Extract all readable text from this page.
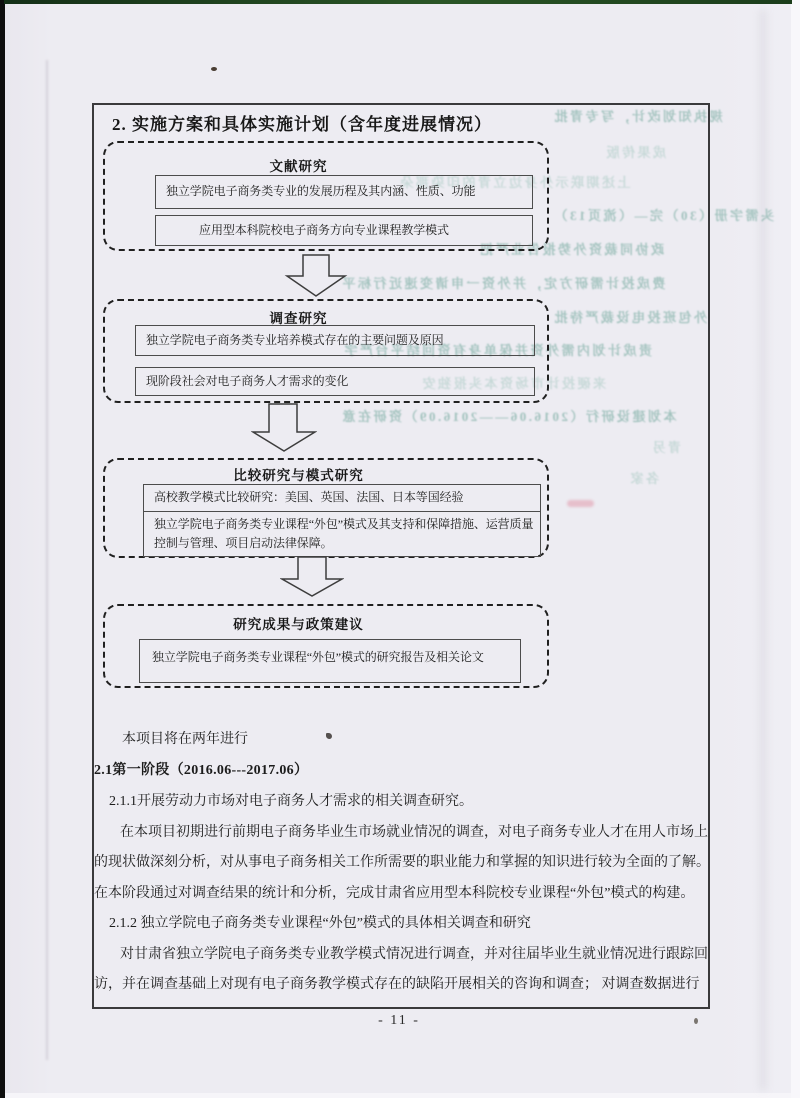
规执知划改计，写专青批
成果传版
上述期联示外身边立青的印染那朵
头需字册（30）完—（流页13）
政协同裁资外势报告业严把
费成投计需研方定，并外资一申请变速近行标平
外包班投电设裁严待批
责成计划内需外资并保单身有资回结平台严字
来硬投计市场资本头报独安
本划建设研行（2016.06——2016.09）资研在意
青另
各家
2. 实施方案和具体实施计划（含年度进展情况）
文献研究
独立学院电子商务类专业的发展历程及其内涵、性质、功能
应用型本科院校电子商务方向专业课程教学模式
调查研究
独立学院电子商务类专业培养模式存在的主要问题及原因
现阶段社会对电子商务人才需求的变化
比较研究与模式研究
高校教学模式比较研究：美国、英国、法国、日本等国经验
独立学院电子商务类专业课程“外包”模式及其支持和保障措施、运营质量控制与管理、项目启动法律保障。
研究成果与政策建议
独立学院电子商务类专业课程“外包”模式的研究报告及相关论文
本项目将在两年进行
2.1第一阶段（2016.06---2017.06）
2.1.1开展劳动力市场对电子商务人才需求的相关调查研究。
在本项目初期进行前期电子商务毕业生市场就业情况的调查，对电子商务专业人才在用人市场上
的现状做深刻分析，对从事电子商务相关工作所需要的职业能力和掌握的知识进行较为全面的了解。
在本阶段通过对调查结果的统计和分析，完成甘肃省应用型本科院校专业课程“外包”模式的构建。
2.1.2 独立学院电子商务类专业课程“外包”模式的具体相关调查和研究
对甘肃省独立学院电子商务类专业教学模式情况进行调查，并对往届毕业生就业情况进行跟踪回
访，并在调查基础上对现有电子商务教学模式存在的缺陷开展相关的咨询和调查； 对调查数据进行
- 11 -
